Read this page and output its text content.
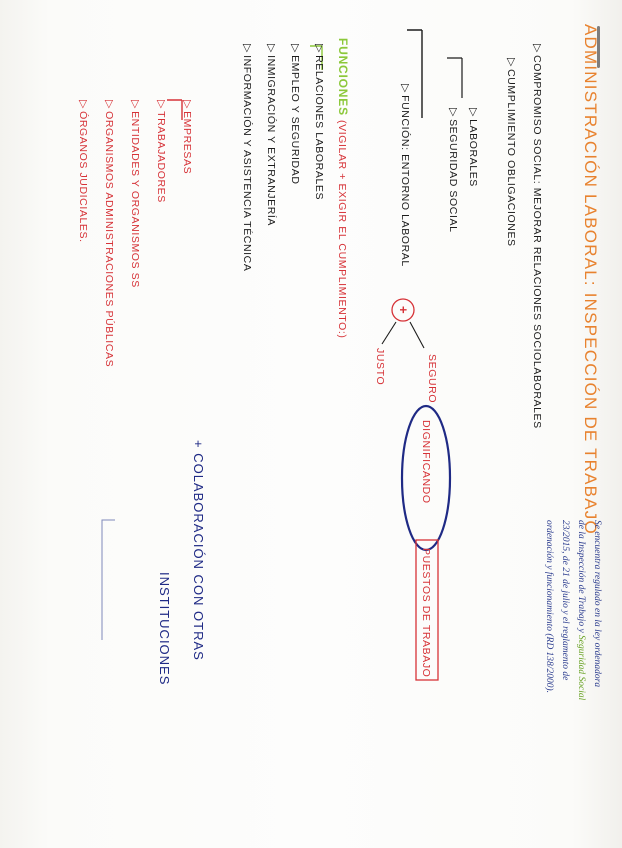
ADMINISTRACIÓN LABORAL: INSPECCIÓN DE TRABAJO
▷COMPROMISO SOCIAL: MEJORAR RELACIONES SOCIOLABORALES
▷CUMPLIMIENTO OBLIGACIONES
▷LABORALES
▷SEGURIDAD SOCIAL
▷FUNCIÓN: ENTORNO LABORAL
+
SEGURO
JUSTO
DIGNIFICANDO
PUESTOS DE TRABAJO
FUNCIONES (VIGILAR + EXIGIR EL CUMPLIMIENTO:)
▷RELACIONES LABORALES
▷EMPLEO Y SEGURIDAD
▷INMIGRACIÓN Y EXTRANJERÍA
▷INFORMACIÓN Y ASISTENCIA TÉCNICA
▷EMPRESAS
▷TRABAJADORES
▷ENTIDADES Y ORGANISMOS SS
▷ORGANISMOS ADMINISTRACIONES PÚBLICAS
▷ÓRGANOS JUDICIALES.
+ COLABORACIÓN CON OTRAS
INSTITUCIONES	Se encuentra regulado en la ley ordenadora
de la Inspección de Trabajo y Seguridad Social
23/2015, de 21 de julio y el reglamento de
ordenación y funcionamiento (RD 138/2000).
